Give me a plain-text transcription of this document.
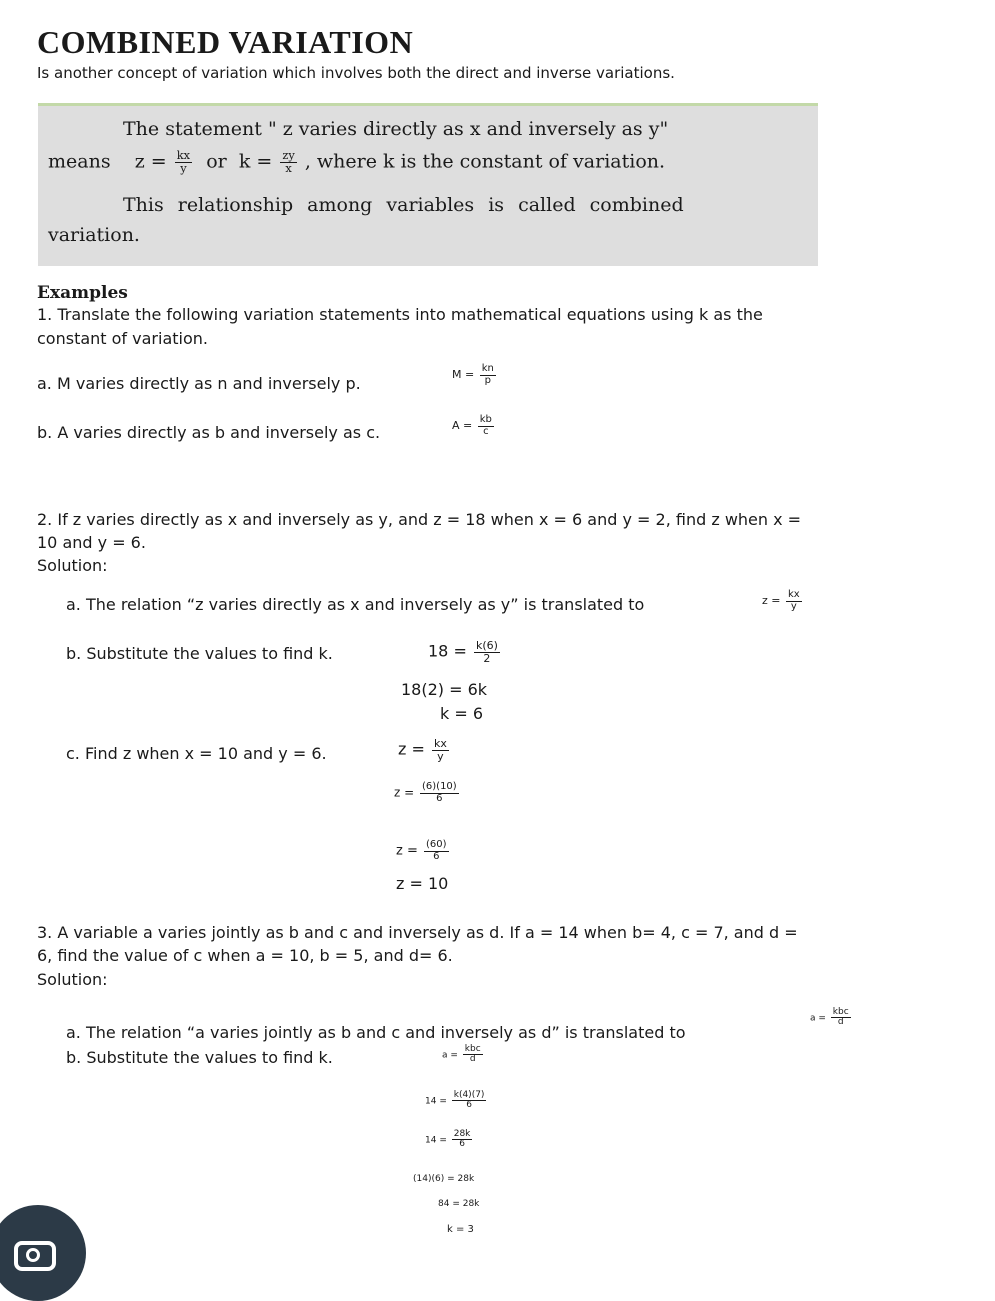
COMBINED VARIATION
Is another concept of variation which involves both the direct and inverse variations.
The statement " z varies directly as x and inversely as y"
means $z = \frac{kx}{y}$ or $k = \frac{zy}{x}$ , where k is the constant of variation.
This relationship among variables is called combined
variation.
Examples
1. Translate the following variation statements into mathematical equations using k as the
constant of variation.
a. M varies directly as n and inversely p.	$M = \frac{kn}{p}$
b. A varies directly as b and inversely as c.	$A = \frac{kb}{c}$
2. If z varies directly as x and inversely as y, and z = 18 when x = 6 and y = 2, find z when x =
10 and y = 6.
Solution:
a. The relation “z varies directly as x and inversely as y” is translated to	$z = \frac{kx}{y}$
b. Substitute the values to find k.	$18 = \frac{k(6)}{2}$
18(2) = 6k
k = 6
c. Find z when x = 10 and y = 6.	$z = \frac{kx}{y}$
$z = \frac{(6)(10)}{6}$
$z = \frac{(60)}{6}$
z = 10
3. A variable a varies jointly as b and c and inversely as d. If a = 14 when b= 4, c = 7, and d =
6, find the value of c when a = 10, b = 5, and d= 6.
Solution:
a. The relation “a varies jointly as b and c and inversely as d” is translated to
$a = \frac{\text{kbc}}{d}$
b. Substitute the values to find k.	$a = \frac{\text{kbc}}{d}$
$14 = \frac{k(4)(7)}{6}$
$14 = \frac{28k}{6}$
(14)(6) = 28k
84 = 28k
k = 3
